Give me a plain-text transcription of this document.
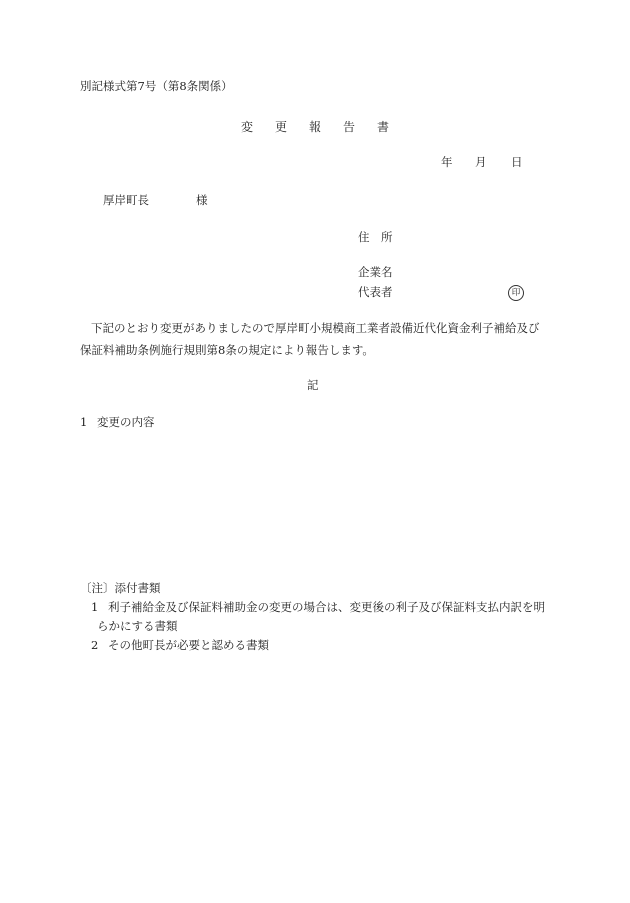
別記様式第7号（第8条関係）
変 更 報 告 書
年 月 日
厚岸町長	様
住　所
企業名
代表者	印
下記のとおり変更がありましたので厚岸町小規模商工業者設備近代化資金利子補給及び
保証料補助条例施行規則第8条の規定により報告します。
記
1 変更の内容
〔注〕添付書類
1 利子補給金及び保証料補助金の変更の場合は、変更後の利子及び保証料支払内訳を明
らかにする書類
2 その他町長が必要と認める書類
